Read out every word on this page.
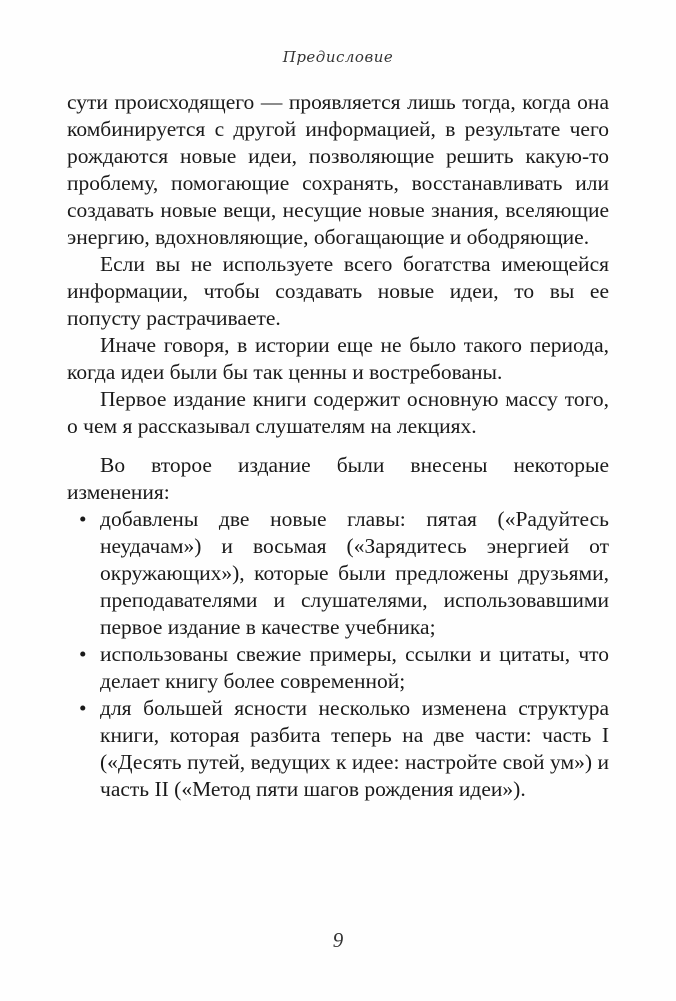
Предисловие

сути происходящего — проявляется лишь тогда, когда она комбинируется с другой информацией, в результате чего рождаются новые идеи, позволяющие решить какую-то проблему, помогающие сохранять, восстанавливать или создавать новые вещи, несущие новые знания, вселяющие энергию, вдохновляющие, обогащающие и ободряющие.

Если вы не используете всего богатства имеющейся информации, чтобы создавать новые идеи, то вы ее попусту растрачиваете.

Иначе говоря, в истории еще не было такого периода, когда идеи были бы так ценны и востребованы.

Первое издание книги содержит основную массу того, о чем я рассказывал слушателям на лекциях.

Во второе издание были внесены некоторые изменения:

• добавлены две новые главы: пятая («Радуйтесь неудачам») и восьмая («Зарядитесь энергией от окружающих»), которые были предложены друзьями, преподавателями и слушателями, использовавшими первое издание в качестве учебника;
• использованы свежие примеры, ссылки и цитаты, что делает книгу более современной;
• для большей ясности несколько изменена структура книги, которая разбита теперь на две части: часть I («Десять путей, ведущих к идее: настройте свой ум») и часть II («Метод пяти шагов рождения идеи»).
9
